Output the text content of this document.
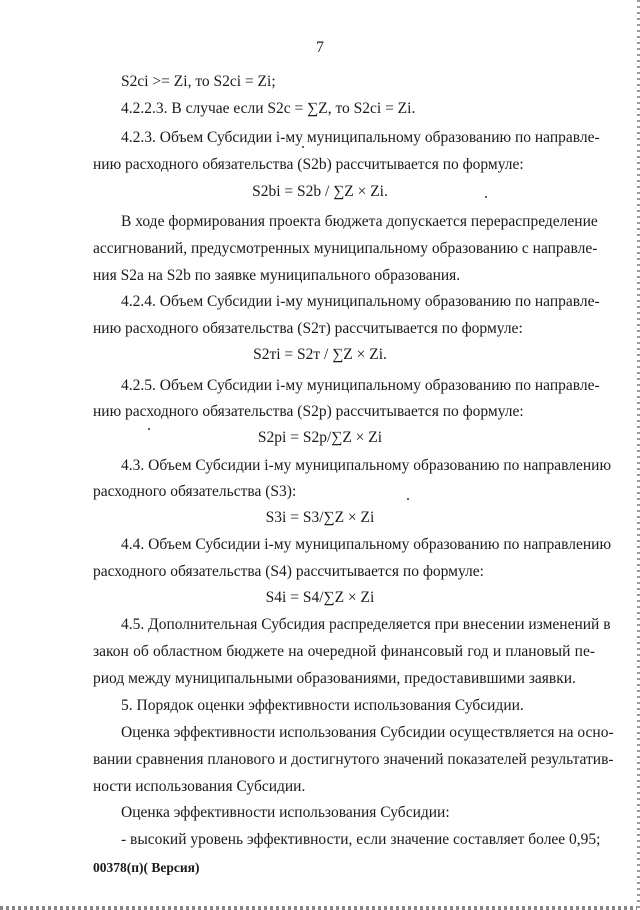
7
S2ci >= Zi, то S2ci = Zi;
4.2.2.3. В случае если S2c = ∑Z, то S2ci = Zi.
4.2.3. Объем Субсидии i-му муниципальному образованию по направле-
нию расходного обязательства (S2b) рассчитывается по формуле:
S2bi = S2b / ∑Z × Zi.
В ходе формирования проекта бюджета допускается перераспределение
ассигнований, предусмотренных муниципальному образованию с направле-
ния S2a на S2b по заявке муниципального образования.
4.2.4. Объем Субсидии i-му муниципальному образованию по направле-
нию расходного обязательства (S2т) рассчитывается по формуле:
S2тi = S2т / ∑Z × Zi.
4.2.5. Объем Субсидии i-му муниципальному образованию по направле-
нию расходного обязательства (S2р) рассчитывается по формуле:
S2рi = S2р/∑Z × Zi
4.3. Объем Субсидии i-му муниципальному образованию по направлению
расходного обязательства (S3):
S3i = S3/∑Z × Zi
4.4. Объем Субсидии i-му муниципальному образованию по направлению
расходного обязательства (S4) рассчитывается по формуле:
S4i = S4/∑Z × Zi
4.5. Дополнительная Субсидия распределяется при внесении изменений в
закон об областном бюджете на очередной финансовый год и плановый пе-
риод между муниципальными образованиями, предоставившими заявки.
5. Порядок оценки эффективности использования Субсидии.
Оценка эффективности использования Субсидии осуществляется на осно-
вании сравнения планового и достигнутого значений показателей результатив-
ности использования Субсидии.
Оценка эффективности использования Субсидии:
- высокий уровень эффективности, если значение составляет более 0,95;
00378(п)( Версия)
